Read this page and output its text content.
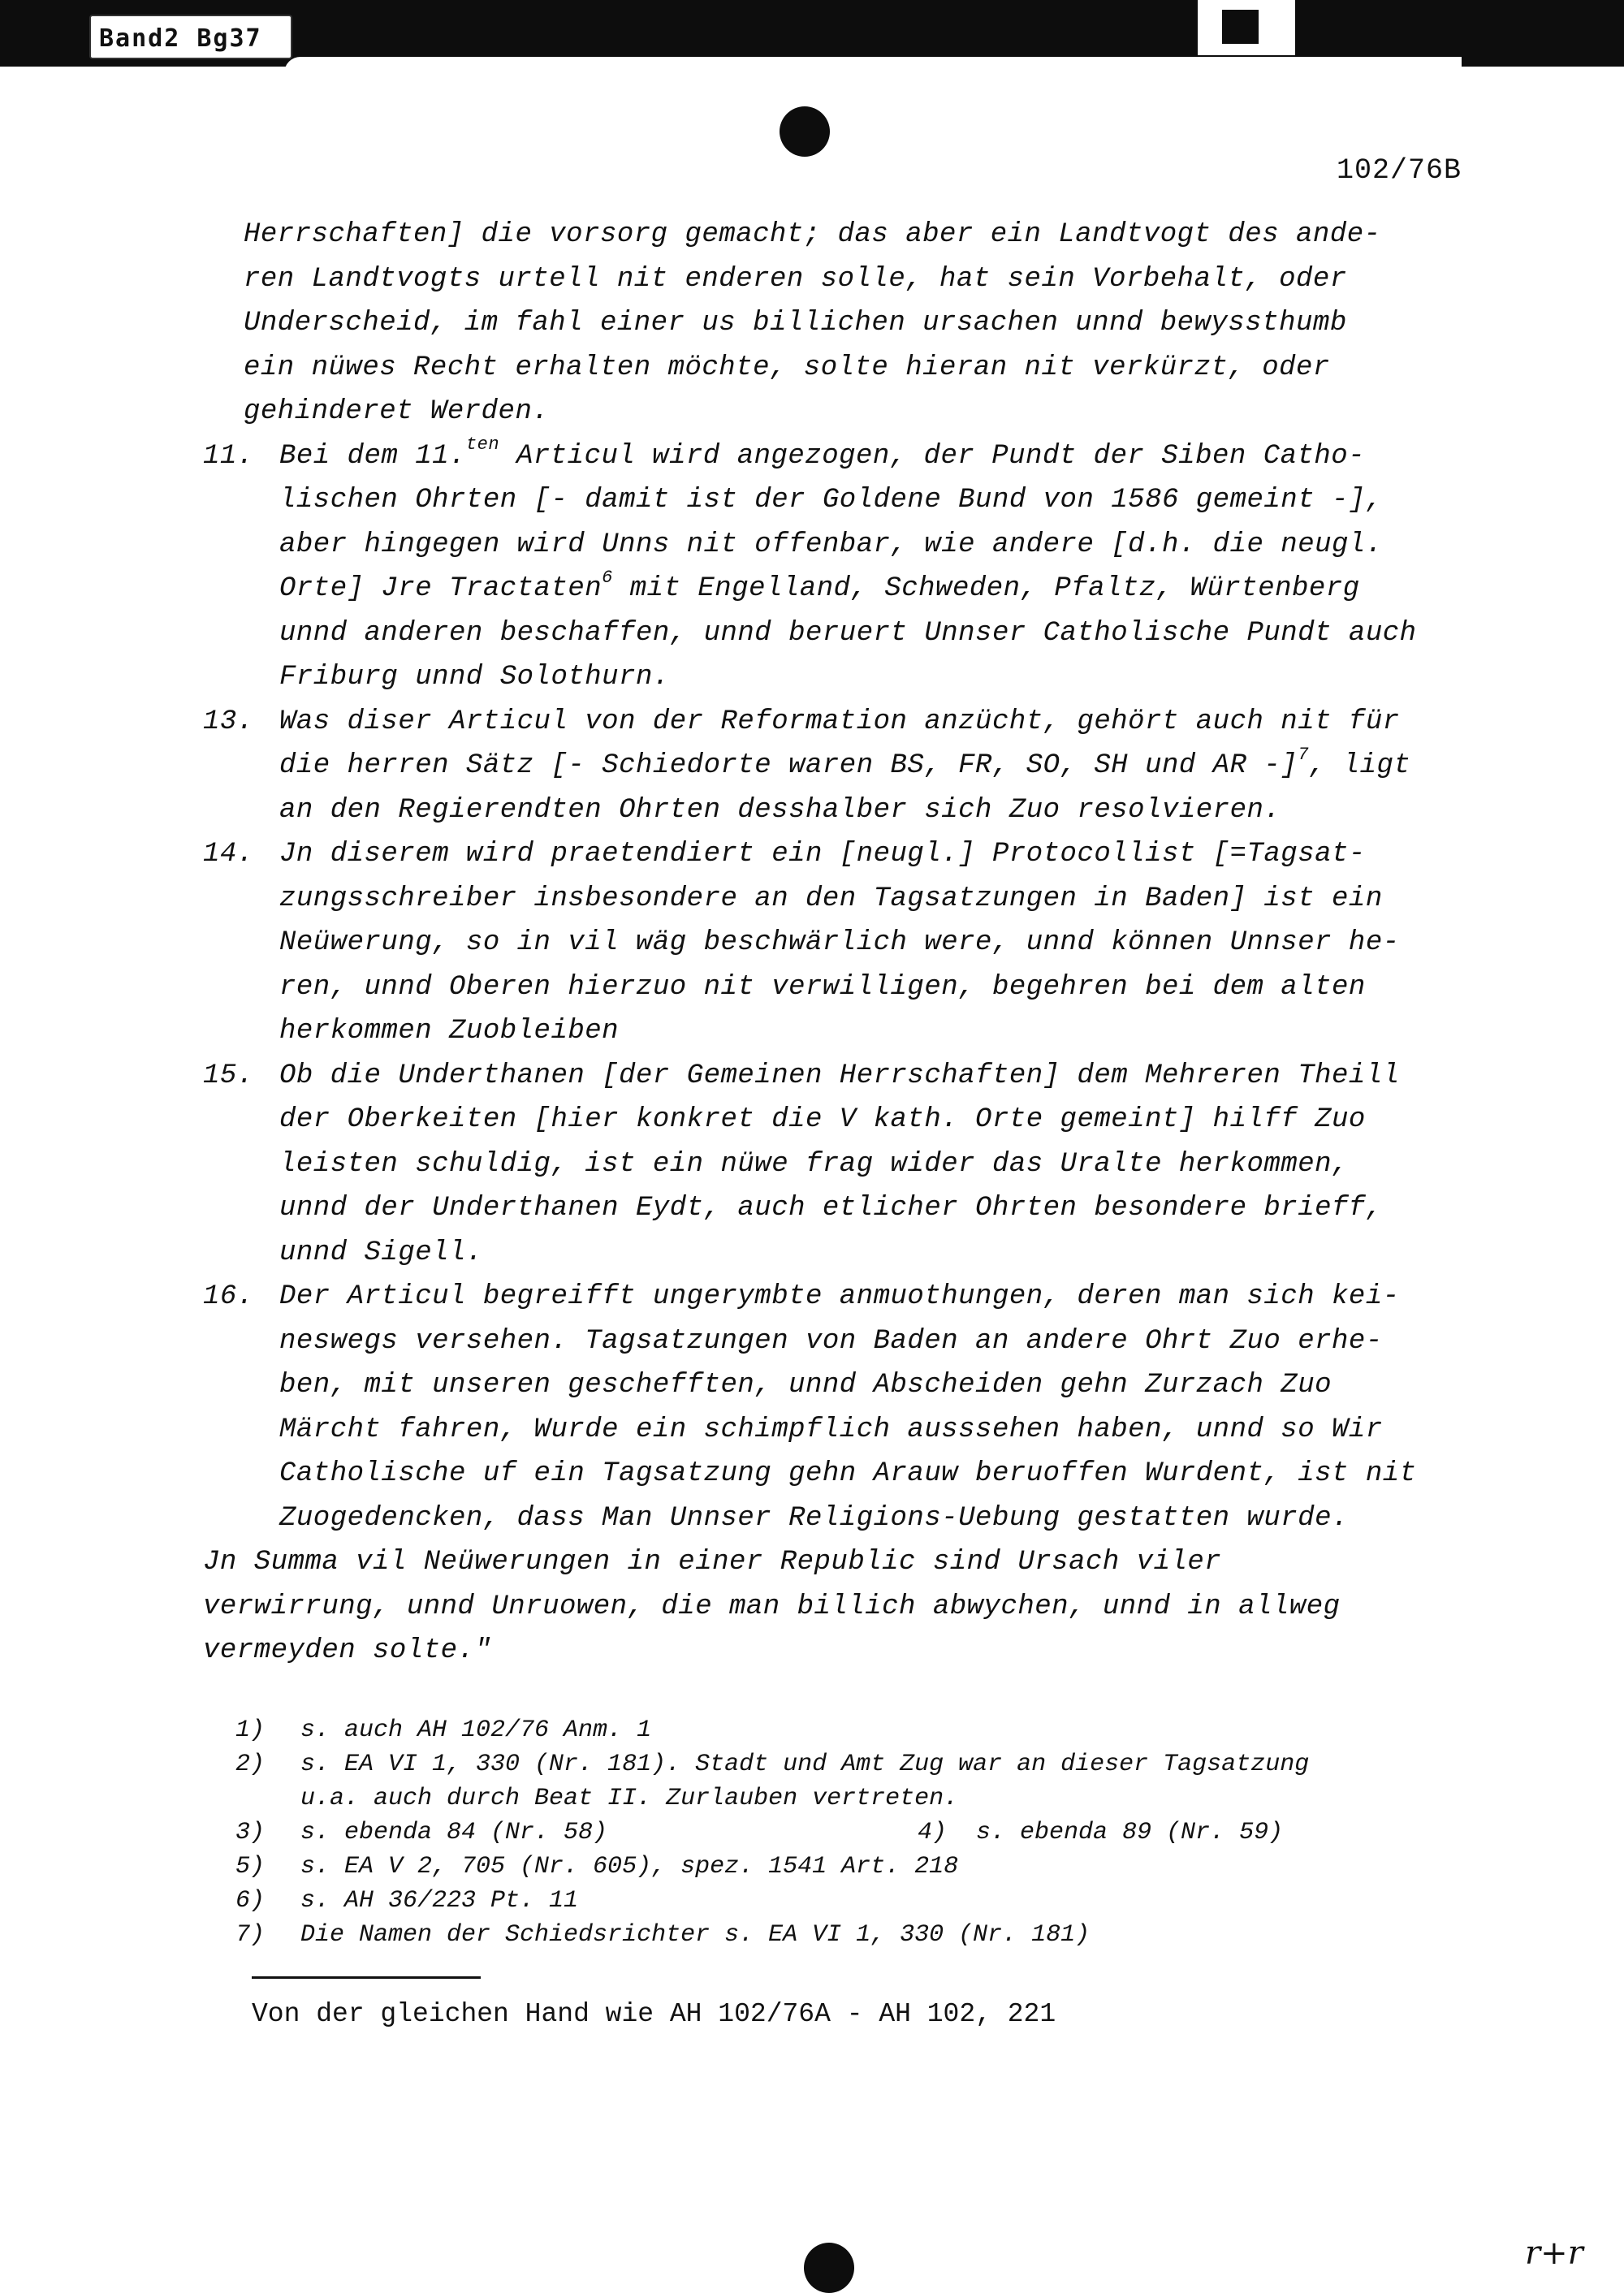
Band2 Bg37
102/76B
Herrschaften] die vorsorg gemacht; das aber ein Landtvogt des ande-
ren Landtvogts urtell nit enderen solle, hat sein Vorbehalt, oder
Underscheid, im fahl einer us billichen ursachen unnd bewyssthumb
ein nüwes Recht erhalten möchte, solte hieran nit verkürzt, oder
gehinderet Werden.
11. Bei dem 11.$^{ten}$ Articul wird angezogen, der Pundt der Siben Catho-
lischen Ohrten [- damit ist der Goldene Bund von 1586 gemeint -],
aber hingegen wird Unns nit offenbar, wie andere [d.h. die neugl.
Orte] Jre Tractaten$^6$ mit Engelland, Schweden, Pfaltz, Würtenberg
unnd anderen beschaffen, unnd beruert Unnser Catholische Pundt auch
Friburg unnd Solothurn.
13. Was diser Articul von der Reformation anzücht, gehört auch nit für
die herren Sätz [- Schiedorte waren BS, FR, SO, SH und AR -]$^7$, ligt
an den Regierendten Ohrten desshalber sich Zuo resolvieren.
14. Jn diserem wird praetendiert ein [neugl.] Protocollist [=Tagsat-
zungsschreiber insbesondere an den Tagsatzungen in Baden] ist ein
Neüwerung, so in vil wäg beschwärlich were, unnd können Unnser he-
ren, unnd Oberen hierzuo nit verwilligen, begehren bei dem alten
herkommen Zuobleiben
15. Ob die Underthanen [der Gemeinen Herrschaften] dem Mehreren Theill
der Oberkeiten [hier konkret die V kath. Orte gemeint] hilff Zuo
leisten schuldig, ist ein nüwe frag wider das Uralte herkommen,
unnd der Underthanen Eydt, auch etlicher Ohrten besondere brieff,
unnd Sigell.
16. Der Articul begreifft ungerymbte anmuothungen, deren man sich kei-
neswegs versehen. Tagsatzungen von Baden an andere Ohrt Zuo erhe-
ben, mit unseren geschefften, unnd Abscheiden gehn Zurzach Zuo
Märcht fahren, Wurde ein schimpflich ausssehen haben, unnd so Wir
Catholische uf ein Tagsatzung gehn Arauw beruoffen Wurdent, ist nit
Zuogedencken, dass Man Unnser Religions-Uebung gestatten wurde.
Jn Summa vil Neüwerungen in einer Republic sind Ursach viler
verwirrung, unnd Unruowen, die man billich abwychen, unnd in allweg
vermeyden solte."
1) s. auch AH 102/76 Anm. 1
2) s. EA VI 1, 330 (Nr. 181). Stadt und Amt Zug war an dieser Tagsatzung
u.a. auch durch Beat II. Zurlauben vertreten.
3) s. ebenda 84 (Nr. 58)	4) s. ebenda 89 (Nr. 59)
5) s. EA V 2, 705 (Nr. 605), spez. 1541 Art. 218
6) s. AH 36/223 Pt. 11
7) Die Namen der Schiedsrichter s. EA VI 1, 330 (Nr. 181)
Von der gleichen Hand wie AH 102/76A - AH 102, 221
r+r
